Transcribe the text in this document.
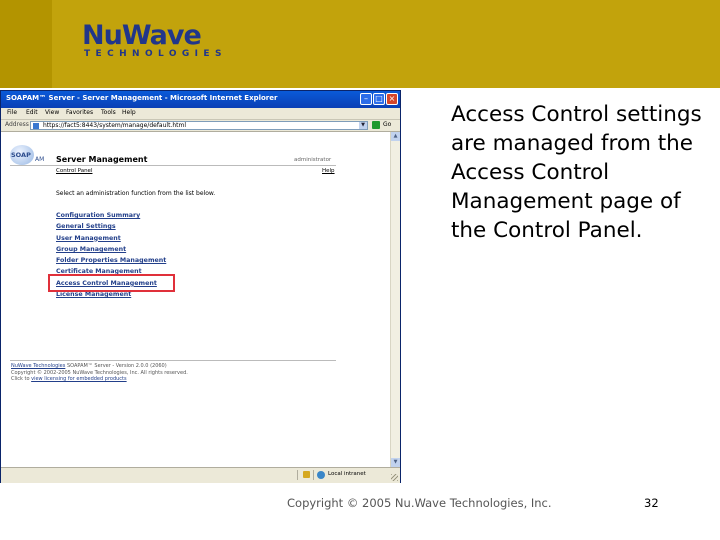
NuWave
TECHNOLOGIES
SOAPAM™ Server - Server Management - Microsoft Internet Explorer	– □ ×
File Edit View Favorites Tools Help
Address https://fact5:8443/system/manage/default.html	▼	Go
SOAP
AM Server Management	administrator
Control Panel	Help
Select an administration function from the list below.
Configuration Summary
General Settings
User Management
Group Management
Folder Properties Management
Certificate Management
Access Control Management
License Management
NuWave Technologies SOAPAM™ Server - Version 2.0.0 (2060)
Copyright © 2002-2005 NuWave Technologies, Inc. All rights reserved.
Click to view licensing for embedded products
▲
▼
Local intranet
Access Control settings are managed from the Access Control Management page of the Control Panel.
Copyright © 2005 Nu.Wave Technologies, Inc.	32
